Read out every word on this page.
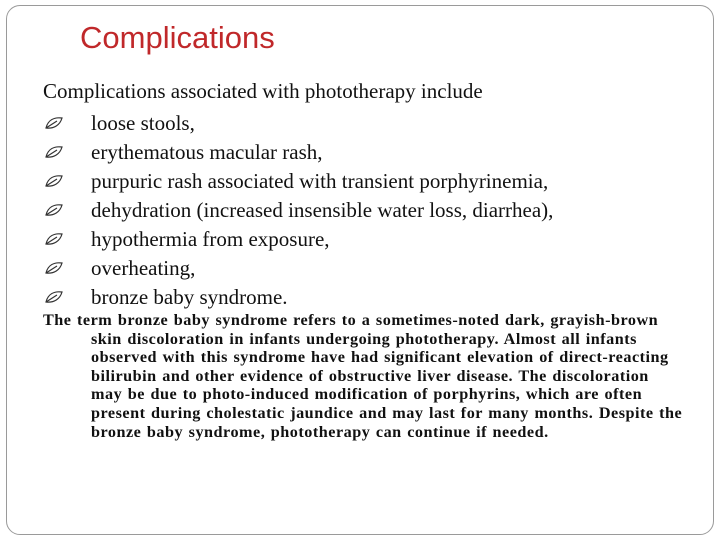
Complications

Complications associated with phototherapy include

loose stools,
erythematous macular rash,
purpuric rash associated with transient porphyrinemia,
dehydration (increased insensible water loss, diarrhea),
hypothermia from exposure,
overheating,
bronze baby syndrome.

The term bronze baby syndrome refers to a sometimes-noted dark, grayish-brown skin discoloration in infants undergoing phototherapy. Almost all infants observed with this syndrome have had significant elevation of direct-reacting bilirubin and other evidence of obstructive liver disease. The discoloration may be due to photo-induced modification of porphyrins, which are often present during cholestatic jaundice and may last for many months. Despite the bronze baby syndrome, phototherapy can continue if needed.
